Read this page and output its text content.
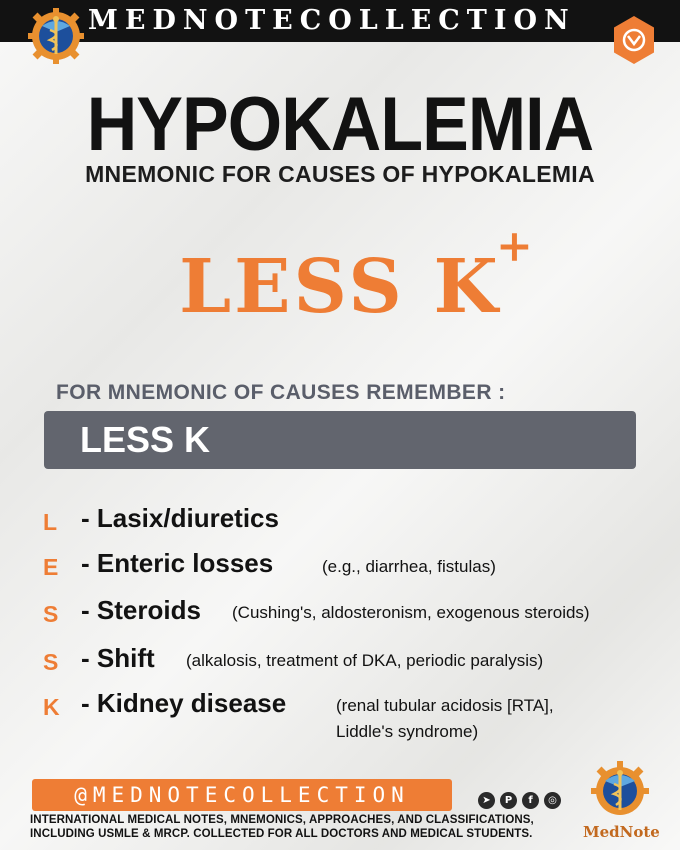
MEDNOTECOLLECTION
HYPOKALEMIA
MNEMONIC FOR CAUSES OF HYPOKALEMIA
LESS K
+
FOR MNEMONIC OF CAUSES REMEMBER :
LESS K
L - Lasix/diuretics
E - Enteric losses	(e.g., diarrhea, fistulas)
S - Steroids (Cushing's, aldosteronism, exogenous steroids)
S - Shift (alkalosis, treatment of DKA, periodic paralysis)
K - Kidney disease	(renal tubular acidosis [RTA],
Liddle's syndrome)
@MEDNOTECOLLECTION	➤	P	f	◎
INTERNATIONAL MEDICAL NOTES, MNEMONICS, APPROACHES, AND CLASSIFICATIONS,
INCLUDING USMLE & MRCP. COLLECTED FOR ALL DOCTORS AND MEDICAL STUDENTS.	MedNote
